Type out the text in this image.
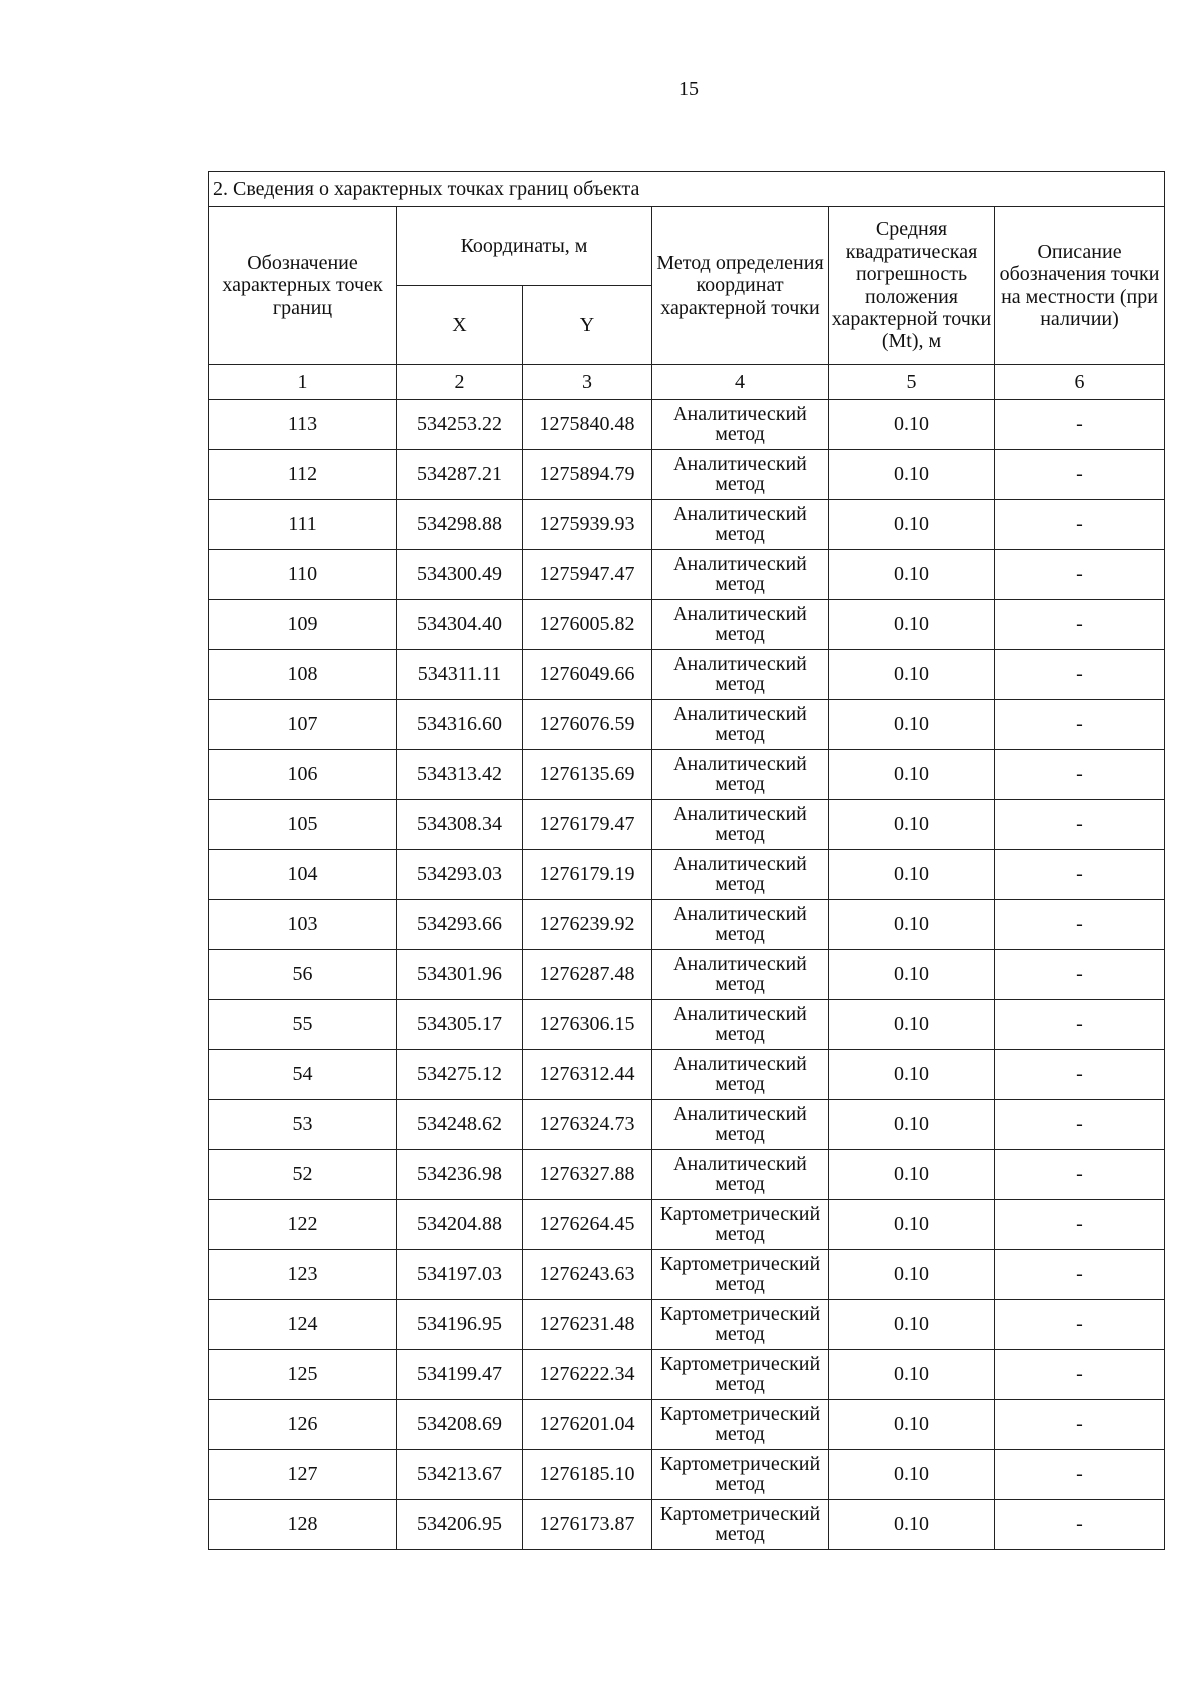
15
2. Сведения о характерных точках границ объекта					
Обозначение характерных точек границ	Координаты, м		Метод определения координат характерной точки	Средняя квадратическая погрешность положения характерной точки (Mt), м	Описание обозначения точки на местности (при наличии)
	X	Y			
1	2	3	4	5	6
113	534253.22	1275840.48	Аналитический метод	0.10	-
112	534287.21	1275894.79	Аналитический метод	0.10	-
111	534298.88	1275939.93	Аналитический метод	0.10	-
110	534300.49	1275947.47	Аналитический метод	0.10	-
109	534304.40	1276005.82	Аналитический метод	0.10	-
108	534311.11	1276049.66	Аналитический метод	0.10	-
107	534316.60	1276076.59	Аналитический метод	0.10	-
106	534313.42	1276135.69	Аналитический метод	0.10	-
105	534308.34	1276179.47	Аналитический метод	0.10	-
104	534293.03	1276179.19	Аналитический метод	0.10	-
103	534293.66	1276239.92	Аналитический метод	0.10	-
56	534301.96	1276287.48	Аналитический метод	0.10	-
55	534305.17	1276306.15	Аналитический метод	0.10	-
54	534275.12	1276312.44	Аналитический метод	0.10	-
53	534248.62	1276324.73	Аналитический метод	0.10	-
52	534236.98	1276327.88	Аналитический метод	0.10	-
122	534204.88	1276264.45	Картометрический метод	0.10	-
123	534197.03	1276243.63	Картометрический метод	0.10	-
124	534196.95	1276231.48	Картометрический метод	0.10	-
125	534199.47	1276222.34	Картометрический метод	0.10	-
126	534208.69	1276201.04	Картометрический метод	0.10	-
127	534213.67	1276185.10	Картометрический метод	0.10	-
128	534206.95	1276173.87	Картометрический метод	0.10	-
